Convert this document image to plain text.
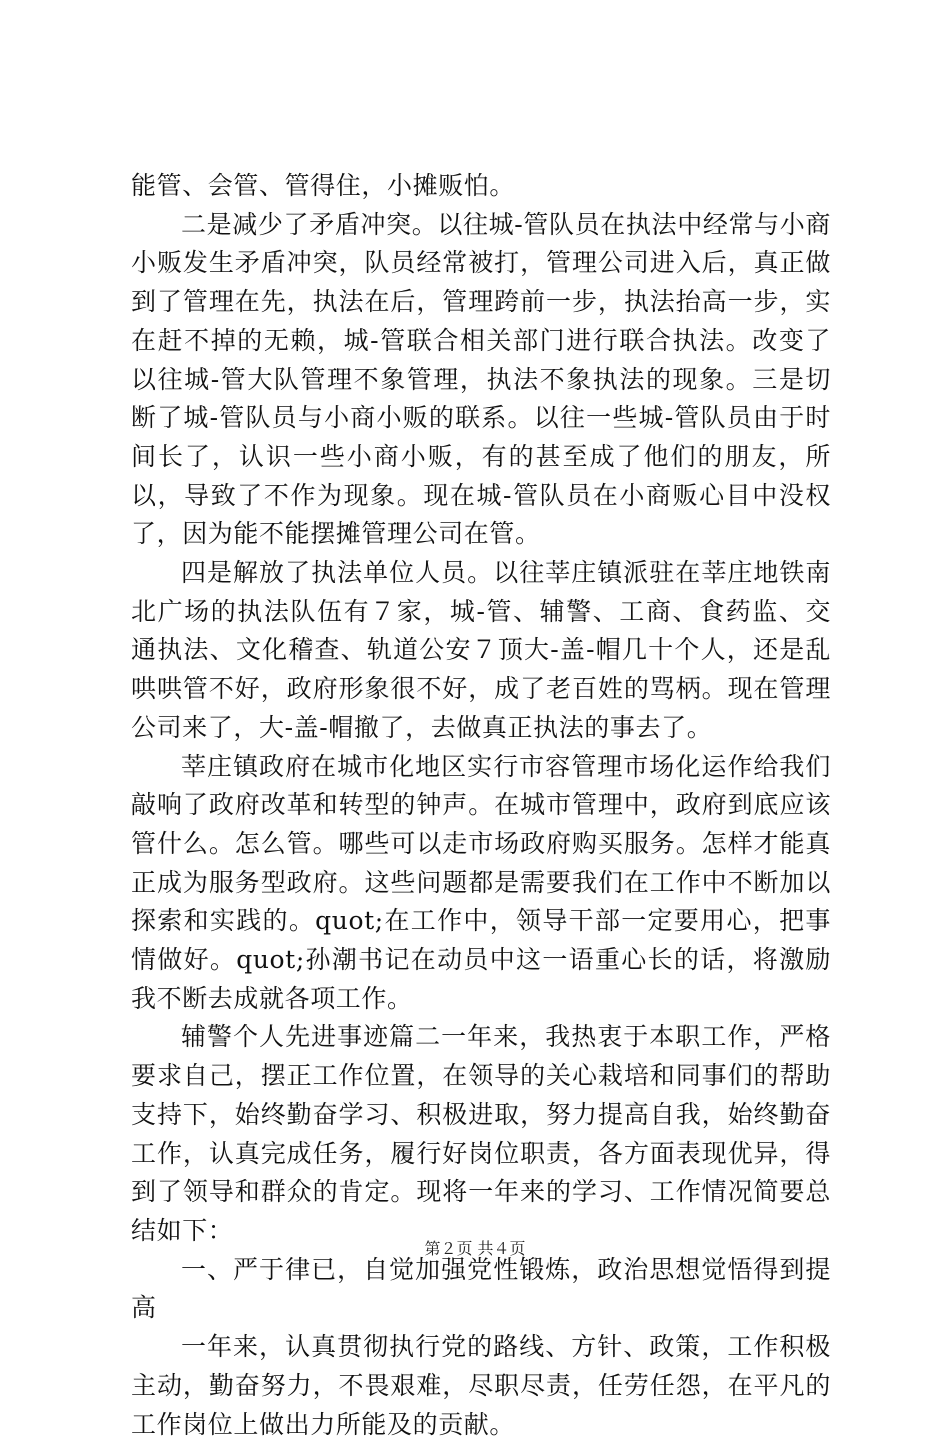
能管、会管、管得住，小摊贩怕。

二是减少了矛盾冲突。以往城-管队员在执法中经常与小商小贩发生矛盾冲突，队员经常被打，管理公司进入后，真正做到了管理在先，执法在后，管理跨前一步，执法抬高一步，实在赶不掉的无赖，城-管联合相关部门进行联合执法。改变了以往城-管大队管理不象管理，执法不象执法的现象。三是切断了城-管队员与小商小贩的联系。以往一些城-管队员由于时间长了，认识一些小商小贩，有的甚至成了他们的朋友，所以，导致了不作为现象。现在城-管队员在小商贩心目中没权了，因为能不能摆摊管理公司在管。

四是解放了执法单位人员。以往莘庄镇派驻在莘庄地铁南北广场的执法队伍有７家，城-管、辅警、工商、食药监、交通执法、文化稽查、轨道公安７顶大-盖-帽几十个人，还是乱哄哄管不好，政府形象很不好，成了老百姓的骂柄。现在管理公司来了，大-盖-帽撤了，去做真正执法的事去了。

莘庄镇政府在城市化地区实行市容管理市场化运作给我们敲响了政府改革和转型的钟声。在城市管理中，政府到底应该管什么。怎么管。哪些可以走市场政府购买服务。怎样才能真正成为服务型政府。这些问题都是需要我们在工作中不断加以探索和实践的。quot;在工作中，领导干部一定要用心，把事情做好。quot;孙潮书记在动员中这一语重心长的话，将激励我不断去成就各项工作。

辅警个人先进事迹篇二一年来，我热衷于本职工作，严格要求自己，摆正工作位置，在领导的关心栽培和同事们的帮助支持下，始终勤奋学习、积极进取，努力提高自我，始终勤奋工作，认真完成任务，履行好岗位职责，各方面表现优异，得到了领导和群众的肯定。现将一年来的学习、工作情况简要总结如下：

一、严于律已，自觉加强党性锻炼，政治思想觉悟得到提高

一年来，认真贯彻执行党的路线、方针、政策，工作积极主动，勤奋努力，不畏艰难，尽职尽责，任劳任怨，在平凡的工作岗位上做出力所能及的贡献。

第２页 共４页
